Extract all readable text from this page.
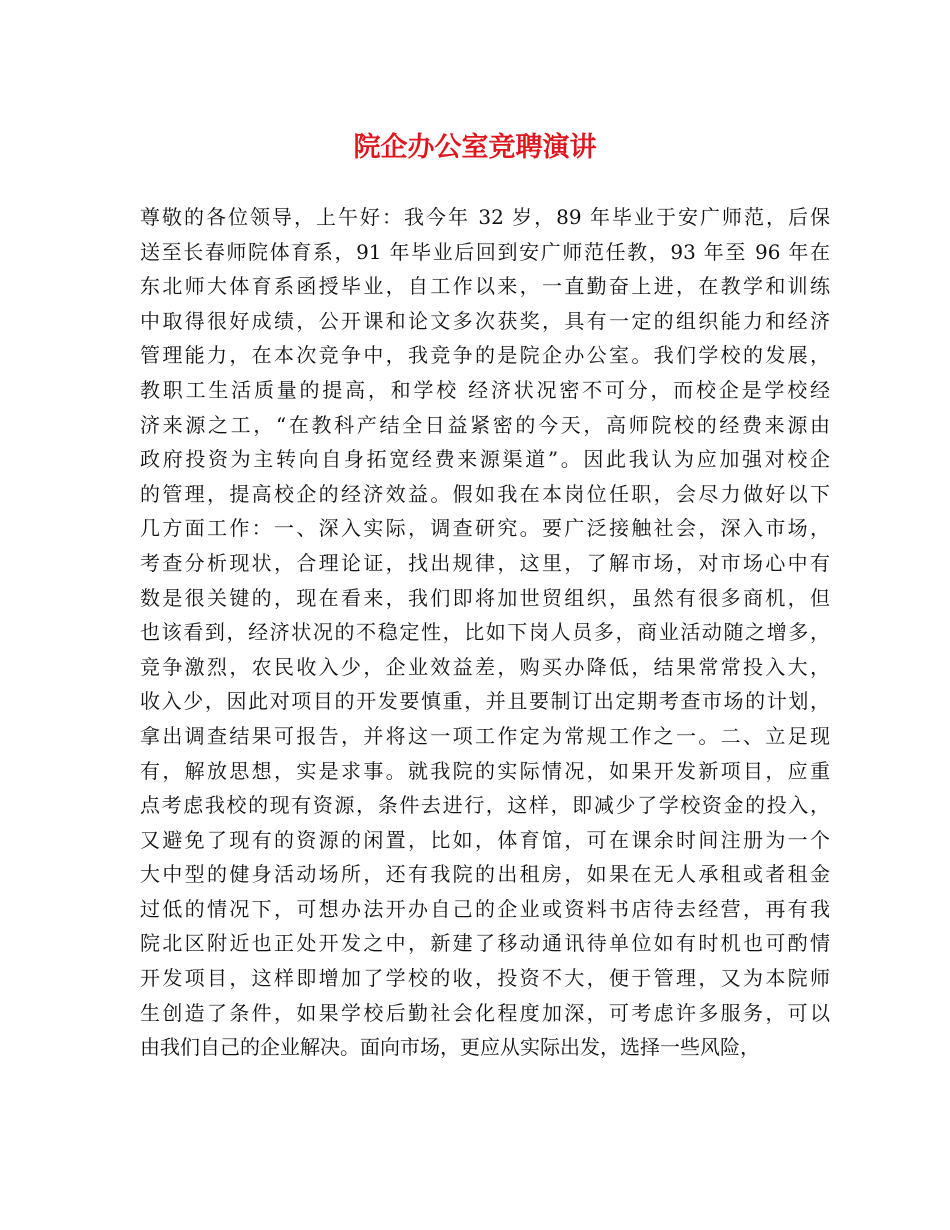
院企办公室竞聘演讲
尊敬的各位领导，上午好：我今年 32 岁，89 年毕业于安广师范，后保
送至长春师院体育系，91 年毕业后回到安广师范任教，93 年至 96 年在
东北师大体育系函授毕业，自工作以来，一直勤奋上进，在教学和训练
中取得很好成绩，公开课和论文多次获奖，具有一定的组织能力和经济
管理能力，在本次竞争中，我竞争的是院企办公室。我们学校的发展，
教职工生活质量的提高，和学校 经济状况密不可分，而校企是学校经
济来源之工，“在教科产结全日益紧密的今天，高师院校的经费来源由
政府投资为主转向自身拓宽经费来源渠道”。因此我认为应加强对校企
的管理，提高校企的经济效益。假如我在本岗位任职，会尽力做好以下
几方面工作：一、深入实际，调查研究。要广泛接触社会，深入市场，
考查分析现状，合理论证，找出规律，这里，了解市场，对市场心中有
数是很关键的，现在看来，我们即将加世贸组织，虽然有很多商机，但
也该看到，经济状况的不稳定性，比如下岗人员多，商业活动随之增多，
竞争激烈，农民收入少，企业效益差，购买办降低，结果常常投入大，
收入少，因此对项目的开发要慎重，并且要制订出定期考查市场的计划，
拿出调查结果可报告，并将这一项工作定为常规工作之一。二、立足现
有，解放思想，实是求事。就我院的实际情况，如果开发新项目，应重
点考虑我校的现有资源，条件去进行，这样，即减少了学校资金的投入，
又避免了现有的资源的闲置，比如，体育馆，可在课余时间注册为一个
大中型的健身活动场所，还有我院的出租房，如果在无人承租或者租金
过低的情况下，可想办法开办自己的企业或资料书店待去经营，再有我
院北区附近也正处开发之中，新建了移动通讯待单位如有时机也可酌情
开发项目，这样即增加了学校的收，投资不大，便于管理，又为本院师
生创造了条件，如果学校后勤社会化程度加深，可考虑许多服务，可以
由我们自己的企业解决。面向市场，更应从实际出发，选择一些风险，
